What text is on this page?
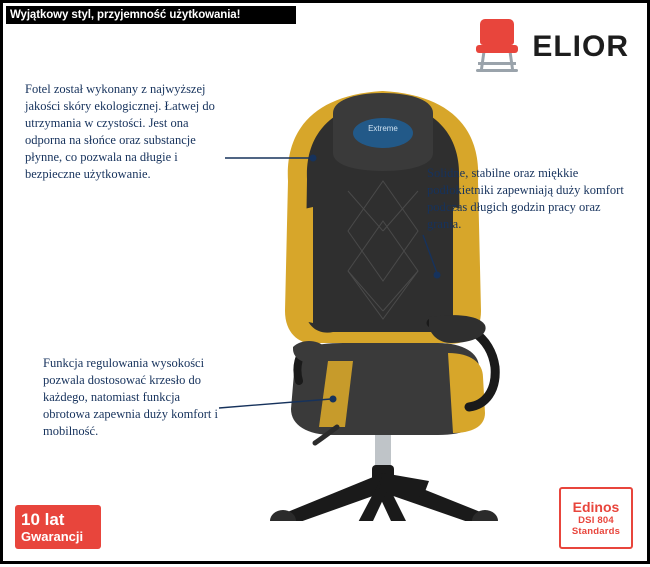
Wyjątkowy styl, przyjemność użytkowania!
ELIOR
Extreme
Fotel został wykonany z najwyższej jakości skóry ekologicznej. Łatwej do utrzymania w czystości. Jest ona odporna na słońce oraz substancje płynne, co pozwala na długie i bezpieczne użytkowanie.	Solidne, stabilne oraz miękkie podłokietniki zapewniają duży komfort podczas długich godzin pracy oraz grania.
Funkcja regulowania wysokości pozwala dostosować krzesło do każdego, natomiast funkcja obrotowa zapewnia duży komfort i mobilność.
10 lat
Gwarancji
Edinos
DSI 804
Standards
